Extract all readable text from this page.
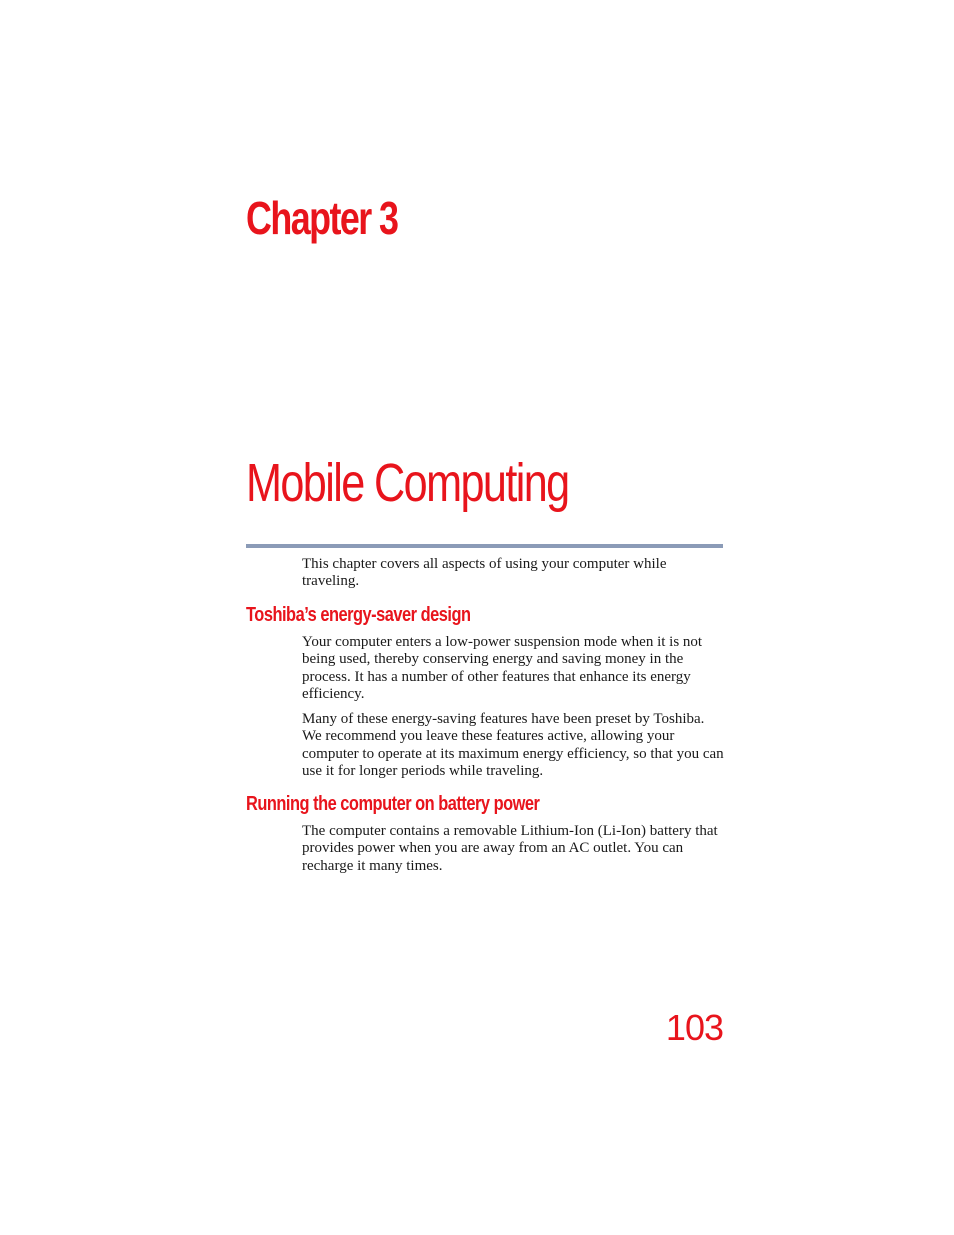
Chapter 3
Mobile Computing

This chapter covers all aspects of using your computer while traveling.

Toshiba’s energy-saver design

Your computer enters a low-power suspension mode when it is not being used, thereby conserving energy and saving money in the process. It has a number of other features that enhance its energy efficiency.

Many of these energy-saving features have been preset by Toshiba. We recommend you leave these features active, allowing your computer to operate at its maximum energy efficiency, so that you can use it for longer periods while traveling.

Running the computer on battery power

The computer contains a removable Lithium-Ion (Li-Ion) battery that provides power when you are away from an AC outlet. You can recharge it many times.

103
